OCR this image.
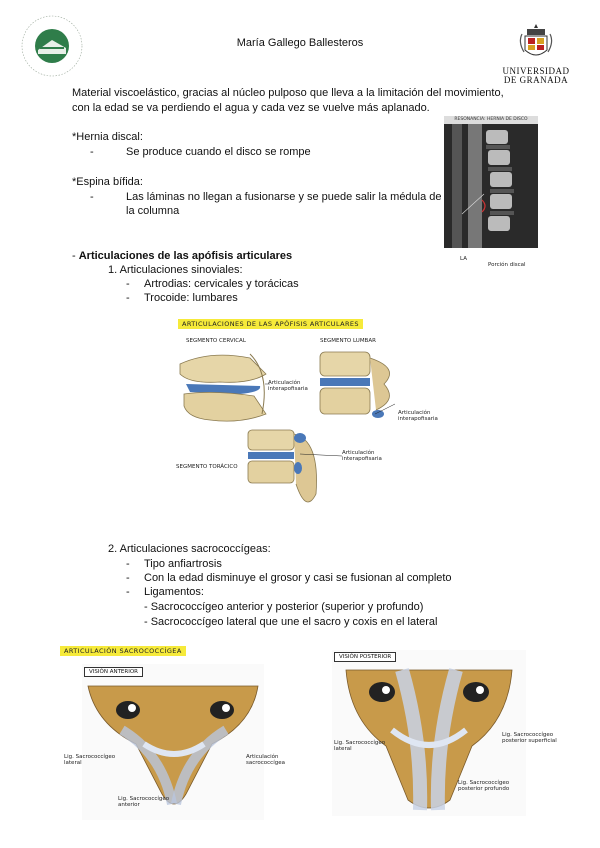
María Gallego Ballesteros
UNIVERSIDAD
DE GRANADA
Material viscoelástico, gracias al núcleo pulposo que lleva a la limitación del movimiento,
con la edad se va perdiendo el agua y cada vez se vuelve más aplanado.
*Hernia discal:
-	Se produce cuando el disco se rompe
*Espina bífida:
-	Las láminas no llegan a fusionarse y se puede salir la médula de
la columna
RESONANCIA: HERNIA DE DISCO
LA
Porción discal
- Articulaciones de las apófisis articulares
1. Articulaciones sinoviales:
- Artrodias: cervicales y torácicas
- Trocoide: lumbares
ARTICULACIONES DE LAS APÓFISIS ARTICULARES
SEGMENTO CERVICAL	SEGMENTO LUMBAR
Articulación
interapofisaria
Articulación
interapofisaria
Articulación
interapofisaria
SEGMENTO TORÁCICO
2. Articulaciones sacrococcígeas:
- Tipo anfiartrosis
- Con la edad disminuye el grosor y casi se fusionan al completo
- Ligamentos:
- Sacrococcígeo anterior y posterior (superior y profundo)
- Sacrococcígeo lateral que une el sacro y coxis en el lateral
ARTICULACIÓN SACROCOCCÍGEA
VISIÓN ANTERIOR
Lig. Sacrococcígeo
lateral
Articulación
sacrococcígea
Lig. Sacrococcígeo
anterior
VISIÓN POSTERIOR
Lig. Sacrococcígeo
lateral
Lig. Sacrococcígeo
posterior superficial
Lig. Sacrococcígeo
posterior profundo
